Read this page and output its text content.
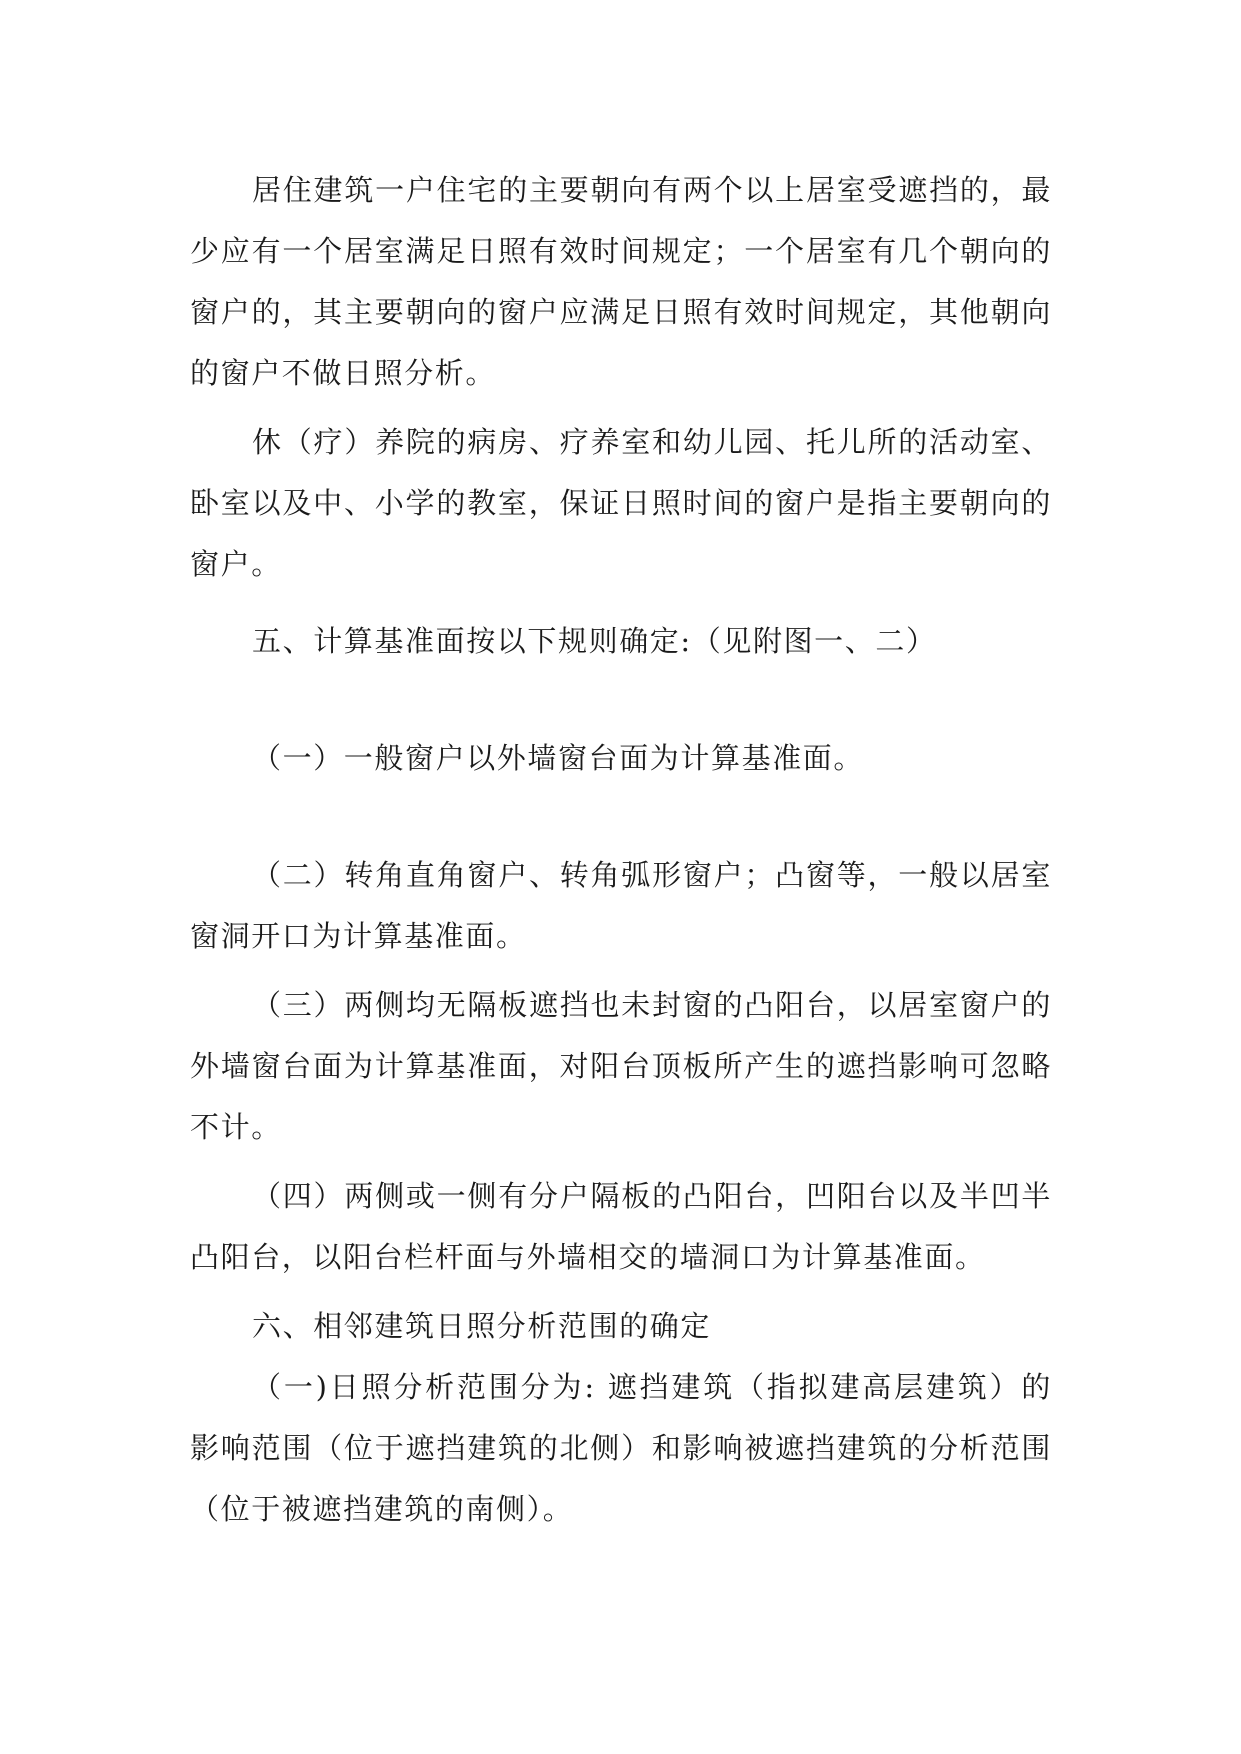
居住建筑一户住宅的主要朝向有两个以上居室受遮挡的，最少应有一个居室满足日照有效时间规定；一个居室有几个朝向的窗户的，其主要朝向的窗户应满足日照有效时间规定，其他朝向的窗户不做日照分析。

休（疗）养院的病房、疗养室和幼儿园、托儿所的活动室、卧室以及中、小学的教室，保证日照时间的窗户是指主要朝向的窗户。

五、计算基准面按以下规则确定:（见附图一、二）

（一）一般窗户以外墙窗台面为计算基准面。

（二）转角直角窗户、转角弧形窗户；凸窗等，一般以居室窗洞开口为计算基准面。

（三）两侧均无隔板遮挡也未封窗的凸阳台，以居室窗户的外墙窗台面为计算基准面，对阳台顶板所产生的遮挡影响可忽略不计。

（四）两侧或一侧有分户隔板的凸阳台，凹阳台以及半凹半凸阳台，以阳台栏杆面与外墙相交的墙洞口为计算基准面。

六、相邻建筑日照分析范围的确定

（一)日照分析范围分为: 遮挡建筑（指拟建高层建筑）的影响范围（位于遮挡建筑的北侧）和影响被遮挡建筑的分析范围（位于被遮挡建筑的南侧）。
